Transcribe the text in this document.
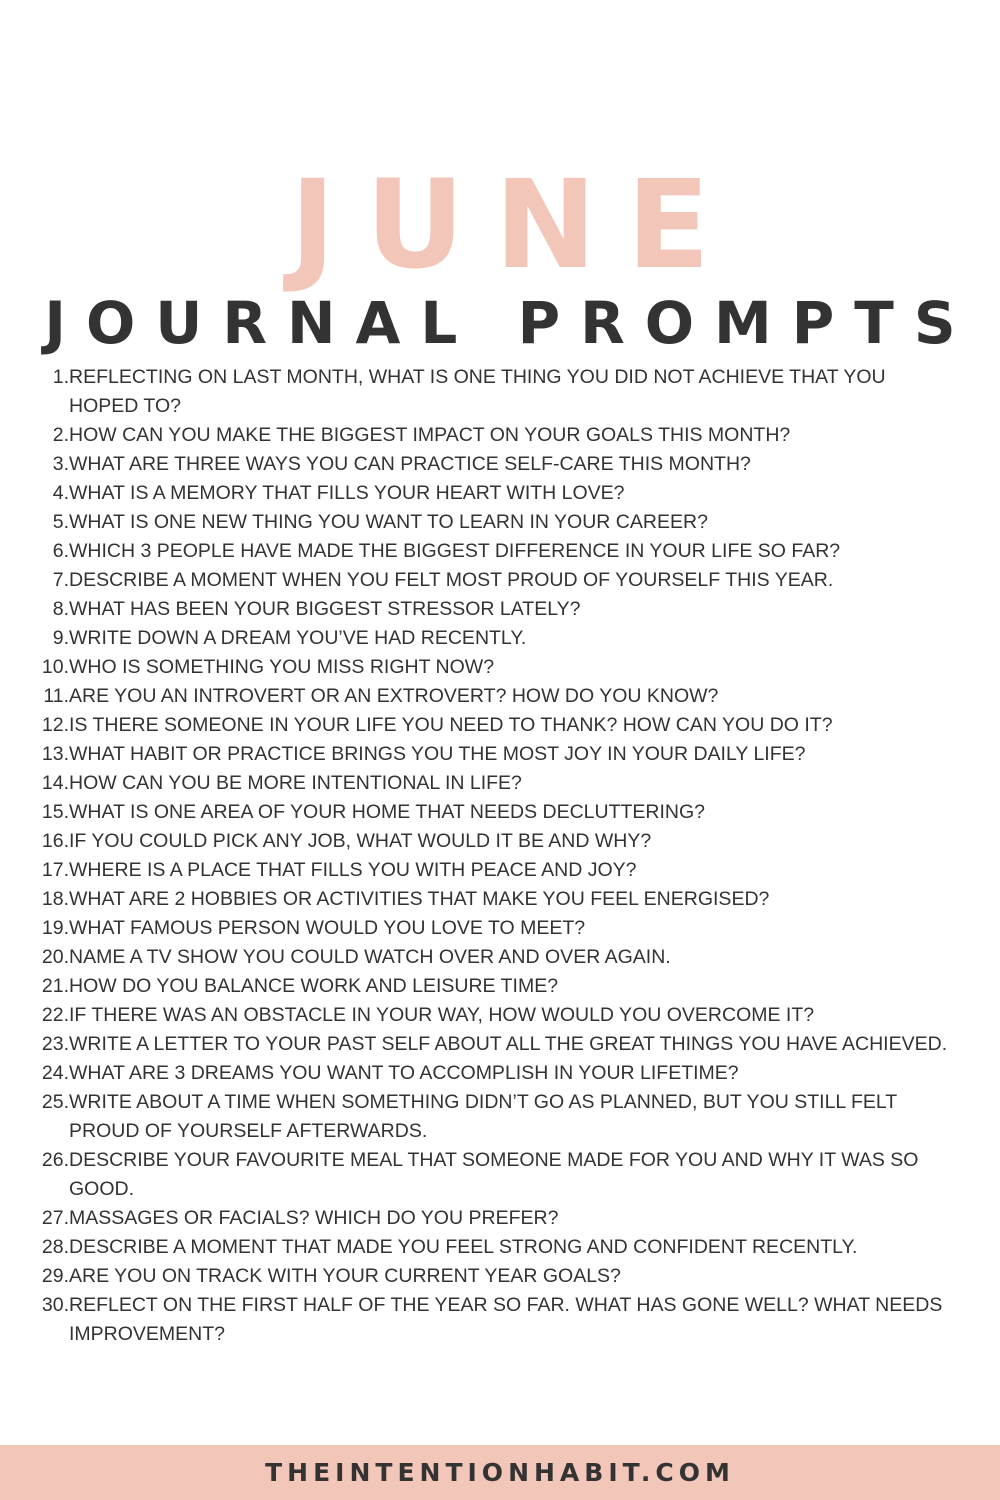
JUNE
JOURNAL PROMPTS
1. REFLECTING ON LAST MONTH, WHAT IS ONE THING YOU DID NOT ACHIEVE THAT YOU HOPED TO?
2. HOW CAN YOU MAKE THE BIGGEST IMPACT ON YOUR GOALS THIS MONTH?
3. WHAT ARE THREE WAYS YOU CAN PRACTICE SELF-CARE THIS MONTH?
4. WHAT IS A MEMORY THAT FILLS YOUR HEART WITH LOVE?
5. WHAT IS ONE NEW THING YOU WANT TO LEARN IN YOUR CAREER?
6. WHICH 3 PEOPLE HAVE MADE THE BIGGEST DIFFERENCE IN YOUR LIFE SO FAR?
7. DESCRIBE A MOMENT WHEN YOU FELT MOST PROUD OF YOURSELF THIS YEAR.
8. WHAT HAS BEEN YOUR BIGGEST STRESSOR LATELY?
9. WRITE DOWN A DREAM YOU’VE HAD RECENTLY.
10. WHO IS SOMETHING YOU MISS RIGHT NOW?
11. ARE YOU AN INTROVERT OR AN EXTROVERT? HOW DO YOU KNOW?
12. IS THERE SOMEONE IN YOUR LIFE YOU NEED TO THANK? HOW CAN YOU DO IT?
13. WHAT HABIT OR PRACTICE BRINGS YOU THE MOST JOY IN YOUR DAILY LIFE?
14. HOW CAN YOU BE MORE INTENTIONAL IN LIFE?
15. WHAT IS ONE AREA OF YOUR HOME THAT NEEDS DECLUTTERING?
16. IF YOU COULD PICK ANY JOB, WHAT WOULD IT BE AND WHY?
17. WHERE IS A PLACE THAT FILLS YOU WITH PEACE AND JOY?
18. WHAT ARE 2 HOBBIES OR ACTIVITIES THAT MAKE YOU FEEL ENERGISED?
19. WHAT FAMOUS PERSON WOULD YOU LOVE TO MEET?
20. NAME A TV SHOW YOU COULD WATCH OVER AND OVER AGAIN.
21. HOW DO YOU BALANCE WORK AND LEISURE TIME?
22. IF THERE WAS AN OBSTACLE IN YOUR WAY, HOW WOULD YOU OVERCOME IT?
23. WRITE A LETTER TO YOUR PAST SELF ABOUT ALL THE GREAT THINGS YOU HAVE ACHIEVED.
24. WHAT ARE 3 DREAMS YOU WANT TO ACCOMPLISH IN YOUR LIFETIME?
25. WRITE ABOUT A TIME WHEN SOMETHING DIDN’T GO AS PLANNED, BUT YOU STILL FELT PROUD OF YOURSELF AFTERWARDS.
26. DESCRIBE YOUR FAVOURITE MEAL THAT SOMEONE MADE FOR YOU AND WHY IT WAS SO GOOD.
27. MASSAGES OR FACIALS? WHICH DO YOU PREFER?
28. DESCRIBE A MOMENT THAT MADE YOU FEEL STRONG AND CONFIDENT RECENTLY.
29. ARE YOU ON TRACK WITH YOUR CURRENT YEAR GOALS?
30. REFLECT ON THE FIRST HALF OF THE YEAR SO FAR. WHAT HAS GONE WELL? WHAT NEEDS IMPROVEMENT?
THEINTENTIONHABIT.COM
